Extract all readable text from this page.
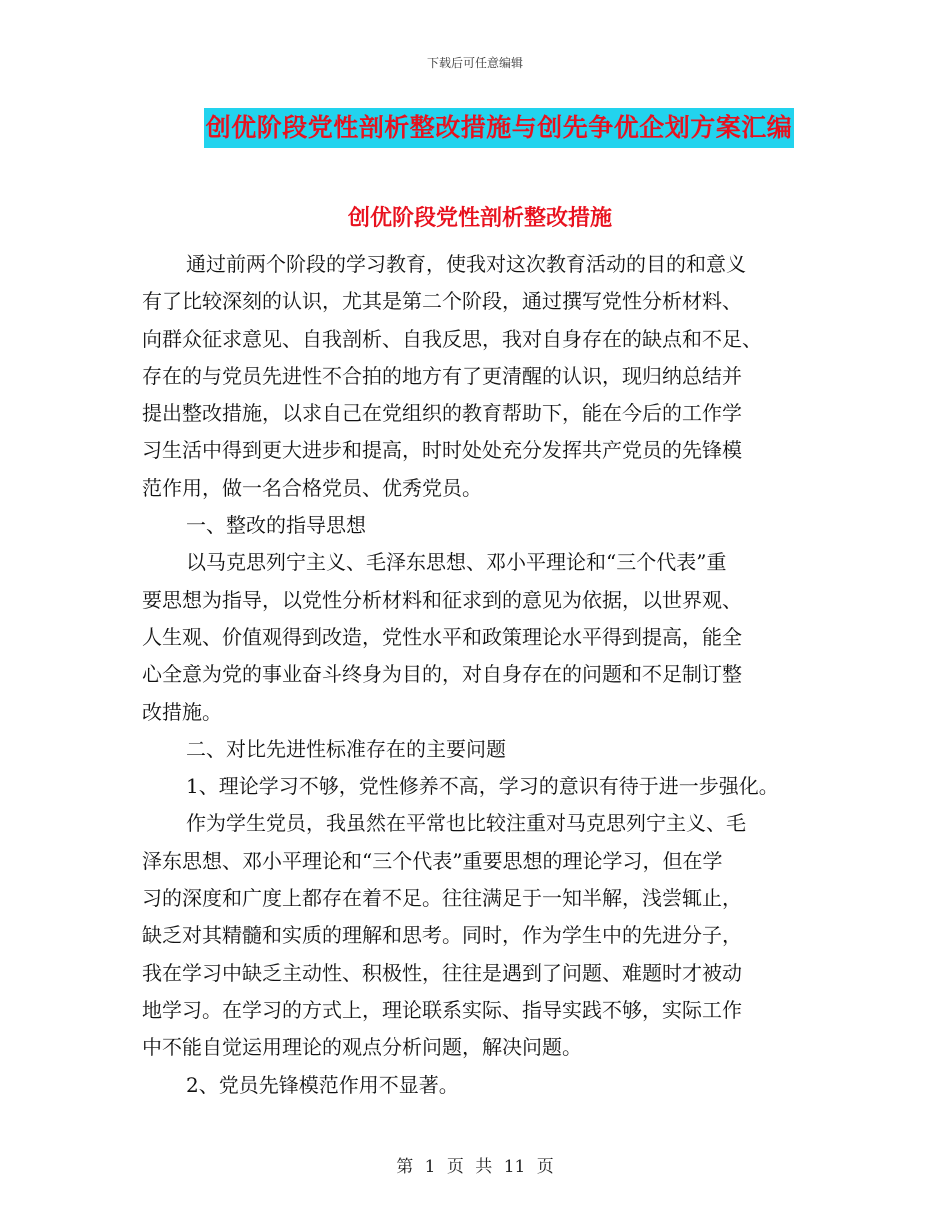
下载后可任意编辑
创优阶段党性剖析整改措施与创先争优企划方案汇编
创优阶段党性剖析整改措施
通过前两个阶段的学习教育，使我对这次教育活动的目的和意义
有了比较深刻的认识，尤其是第二个阶段，通过撰写党性分析材料、
向群众征求意见、自我剖析、自我反思，我对自身存在的缺点和不足、
存在的与党员先进性不合拍的地方有了更清醒的认识，现归纳总结并
提出整改措施，以求自己在党组织的教育帮助下，能在今后的工作学
习生活中得到更大进步和提高，时时处处充分发挥共产党员的先锋模
范作用，做一名合格党员、优秀党员。
一、整改的指导思想
以马克思列宁主义、毛泽东思想、邓小平理论和“三个代表”重
要思想为指导，以党性分析材料和征求到的意见为依据，以世界观、
人生观、价值观得到改造，党性水平和政策理论水平得到提高，能全
心全意为党的事业奋斗终身为目的，对自身存在的问题和不足制订整
改措施。
二、对比先进性标准存在的主要问题
1、理论学习不够，党性修养不高，学习的意识有待于进一步强化。
作为学生党员，我虽然在平常也比较注重对马克思列宁主义、毛
泽东思想、邓小平理论和“三个代表”重要思想的理论学习，但在学
习的深度和广度上都存在着不足。往往满足于一知半解，浅尝辄止，
缺乏对其精髓和实质的理解和思考。同时，作为学生中的先进分子，
我在学习中缺乏主动性、积极性，往往是遇到了问题、难题时才被动
地学习。在学习的方式上，理论联系实际、指导实践不够，实际工作
中不能自觉运用理论的观点分析问题，解决问题。
2、党员先锋模范作用不显著。
第 1 页 共 11 页
